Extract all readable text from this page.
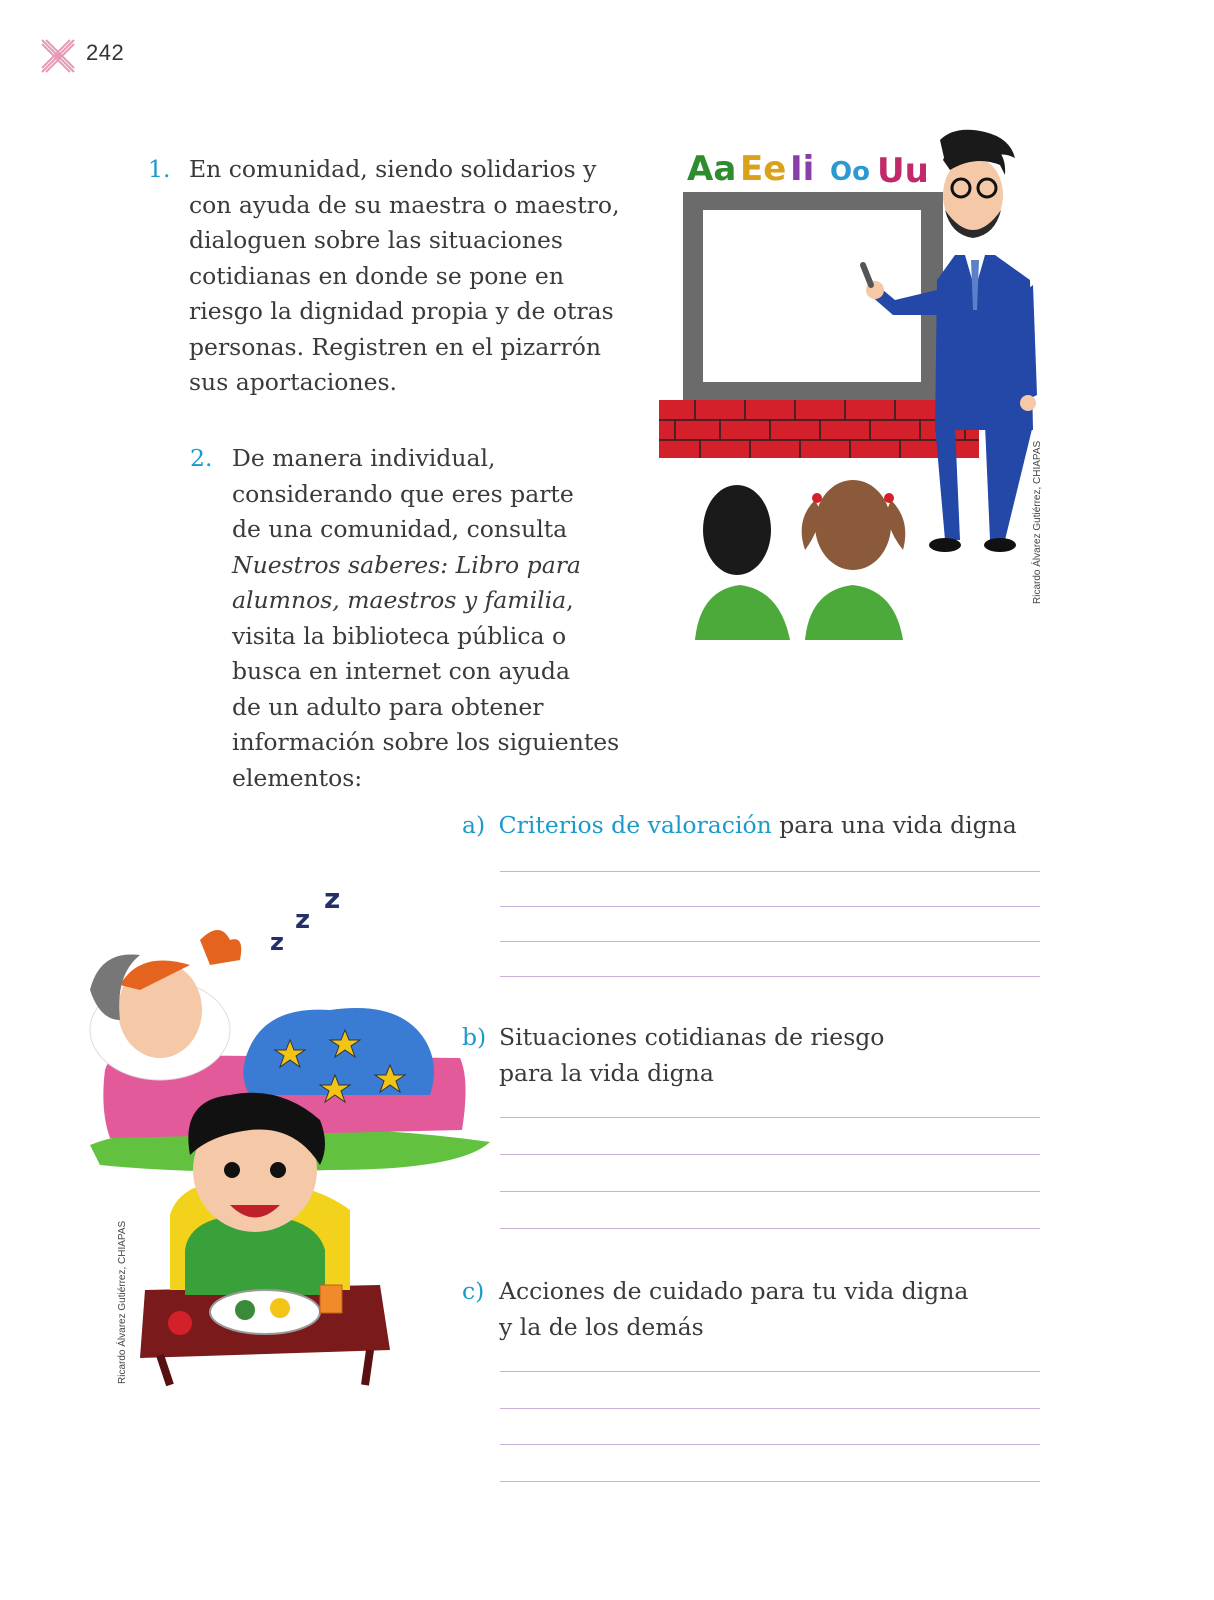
242
1. En comunidad, siendo solidarios y

con ayuda de su maestra o maestro,

dialoguen sobre las situaciones

cotidianas en donde se pone en

riesgo la dignidad propia y de otras

personas. Registren en el pizarrón

sus aportaciones.

2. De manera individual,

considerando que eres parte

de una comunidad, consulta

Nuestros saberes: Libro para

alumnos, maestros y familia,

visita la biblioteca pública o

busca en internet con ayuda

de un adulto para obtener

información sobre los siguientes

elementos:

a) Criterios de valoración para una vida digna
b) Situaciones cotidianas de riesgo

para la vida digna

c) Acciones de cuidado para tu vida digna

y la de los demás

Aa Ee Ii Oo Uu
Ricardo Álvarez Gutiérrez, CHIAPAS
z
z
z
Ricardo Álvarez Gutiérrez, CHIAPAS
